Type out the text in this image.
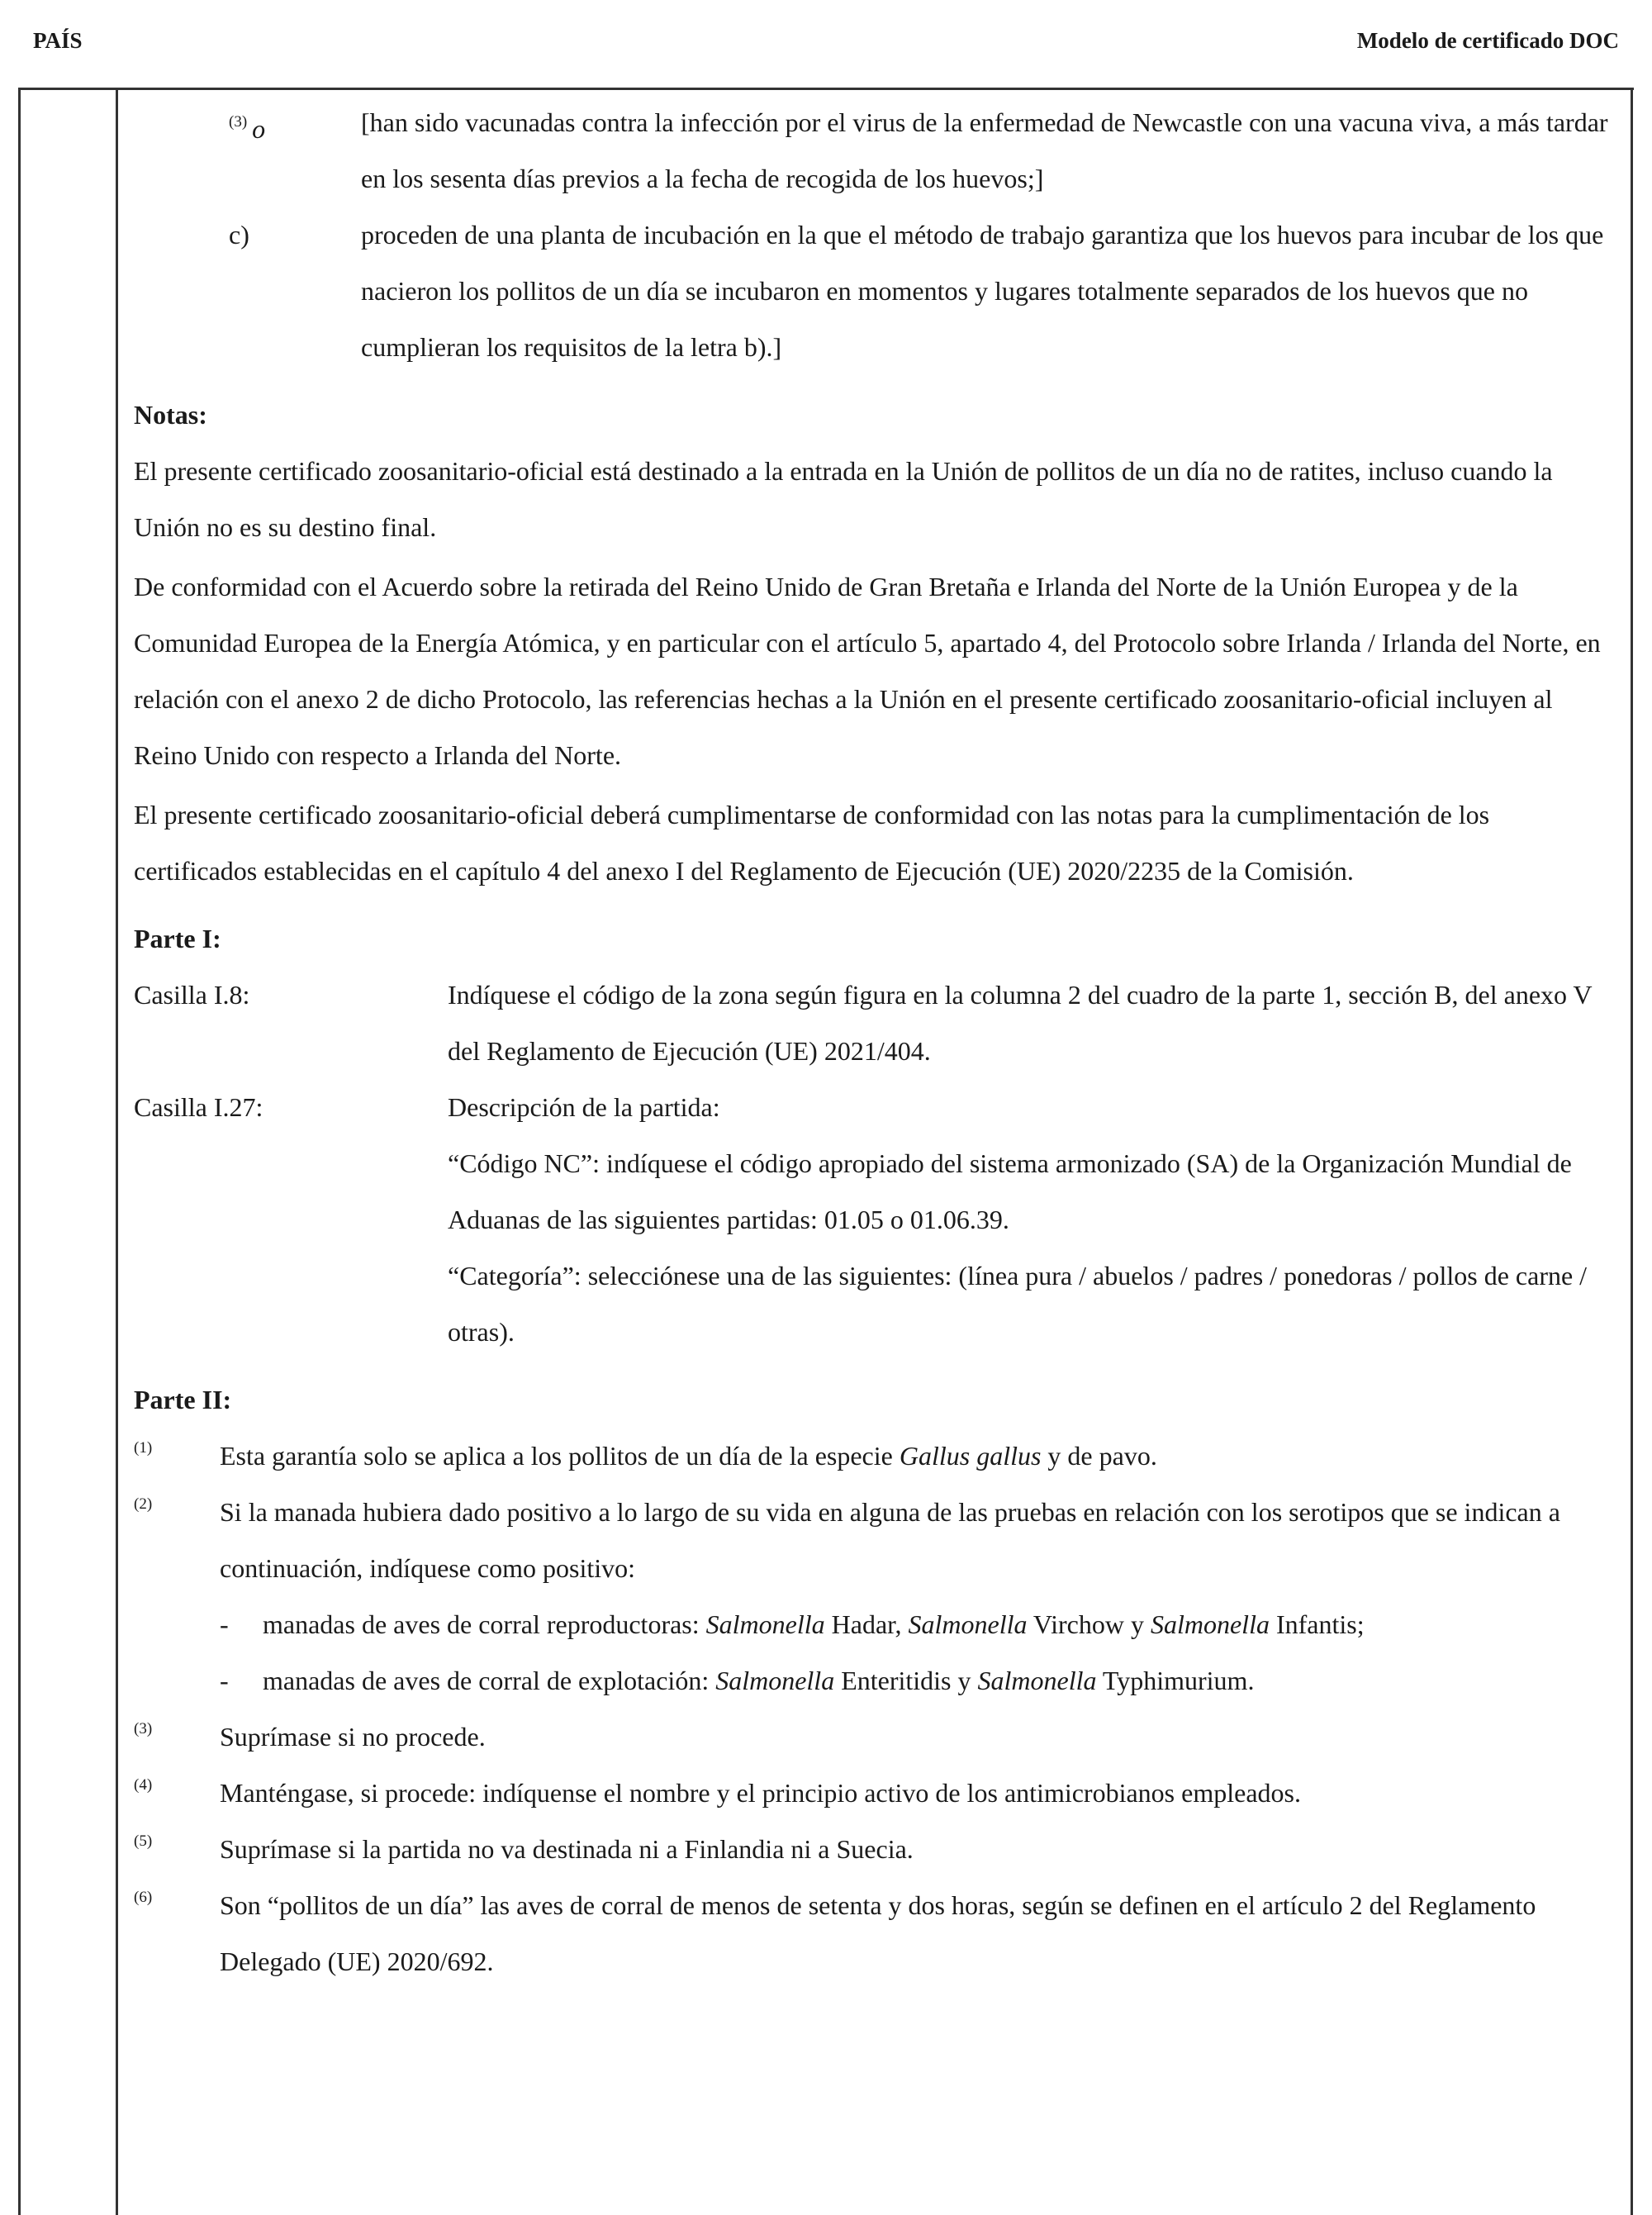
PAÍS	Modelo de certificado DOC
$^{(3)}$ o	[han sido vacunadas contra la infección por el virus de la enfermedad de Newcastle con una vacuna viva, a más tardar en los sesenta días previos a la fecha de recogida de los huevos;]
c)	proceden de una planta de incubación en la que el método de trabajo garantiza que los huevos para incubar de los que nacieron los pollitos de un día se incubaron en momentos y lugares totalmente separados de los huevos que no cumplieran los requisitos de la letra b).]
Notas:

El presente certificado zoosanitario-oficial está destinado a la entrada en la Unión de pollitos de un día no de ratites, incluso cuando la Unión no es su destino final.

De conformidad con el Acuerdo sobre la retirada del Reino Unido de Gran Bretaña e Irlanda del Norte de la Unión Europea y de la Comunidad Europea de la Energía Atómica, y en particular con el artículo 5, apartado 4, del Protocolo sobre Irlanda / Irlanda del Norte, en relación con el anexo 2 de dicho Protocolo, las referencias hechas a la Unión en el presente certificado zoosanitario-oficial incluyen al Reino Unido con respecto a Irlanda del Norte.

El presente certificado zoosanitario-oficial deberá cumplimentarse de conformidad con las notas para la cumplimentación de los certificados establecidas en el capítulo 4 del anexo I del Reglamento de Ejecución (UE) 2020/2235 de la Comisión.

Parte I:
Casilla I.8:	Indíquese el código de la zona según figura en la columna 2 del cuadro de la parte 1, sección B, del anexo V del Reglamento de Ejecución (UE) 2021/404.
Casilla I.27:	Descripción de la partida:
“Código NC”: indíquese el código apropiado del sistema armonizado (SA) de la Organización Mundial de Aduanas de las siguientes partidas: 01.05 o 01.06.39.
“Categoría”: selecciónese una de las siguientes: (línea pura / abuelos / padres / ponedoras / pollos de carne / otras).
Parte II:
(1)	Esta garantía solo se aplica a los pollitos de un día de la especie Gallus gallus y de pavo.
(2)	Si la manada hubiera dado positivo a lo largo de su vida en alguna de las pruebas en relación con los serotipos que se indican a continuación, indíquese como positivo:
-	manadas de aves de corral reproductoras: Salmonella Hadar, Salmonella Virchow y Salmonella Infantis;
-	manadas de aves de corral de explotación: Salmonella Enteritidis y Salmonella Typhimurium.
(3)	Suprímase si no procede.
(4)	Manténgase, si procede: indíquense el nombre y el principio activo de los antimicrobianos empleados.
(5)	Suprímase si la partida no va destinada ni a Finlandia ni a Suecia.
(6)	Son “pollitos de un día” las aves de corral de menos de setenta y dos horas, según se definen en el artículo 2 del Reglamento Delegado (UE) 2020/692.
